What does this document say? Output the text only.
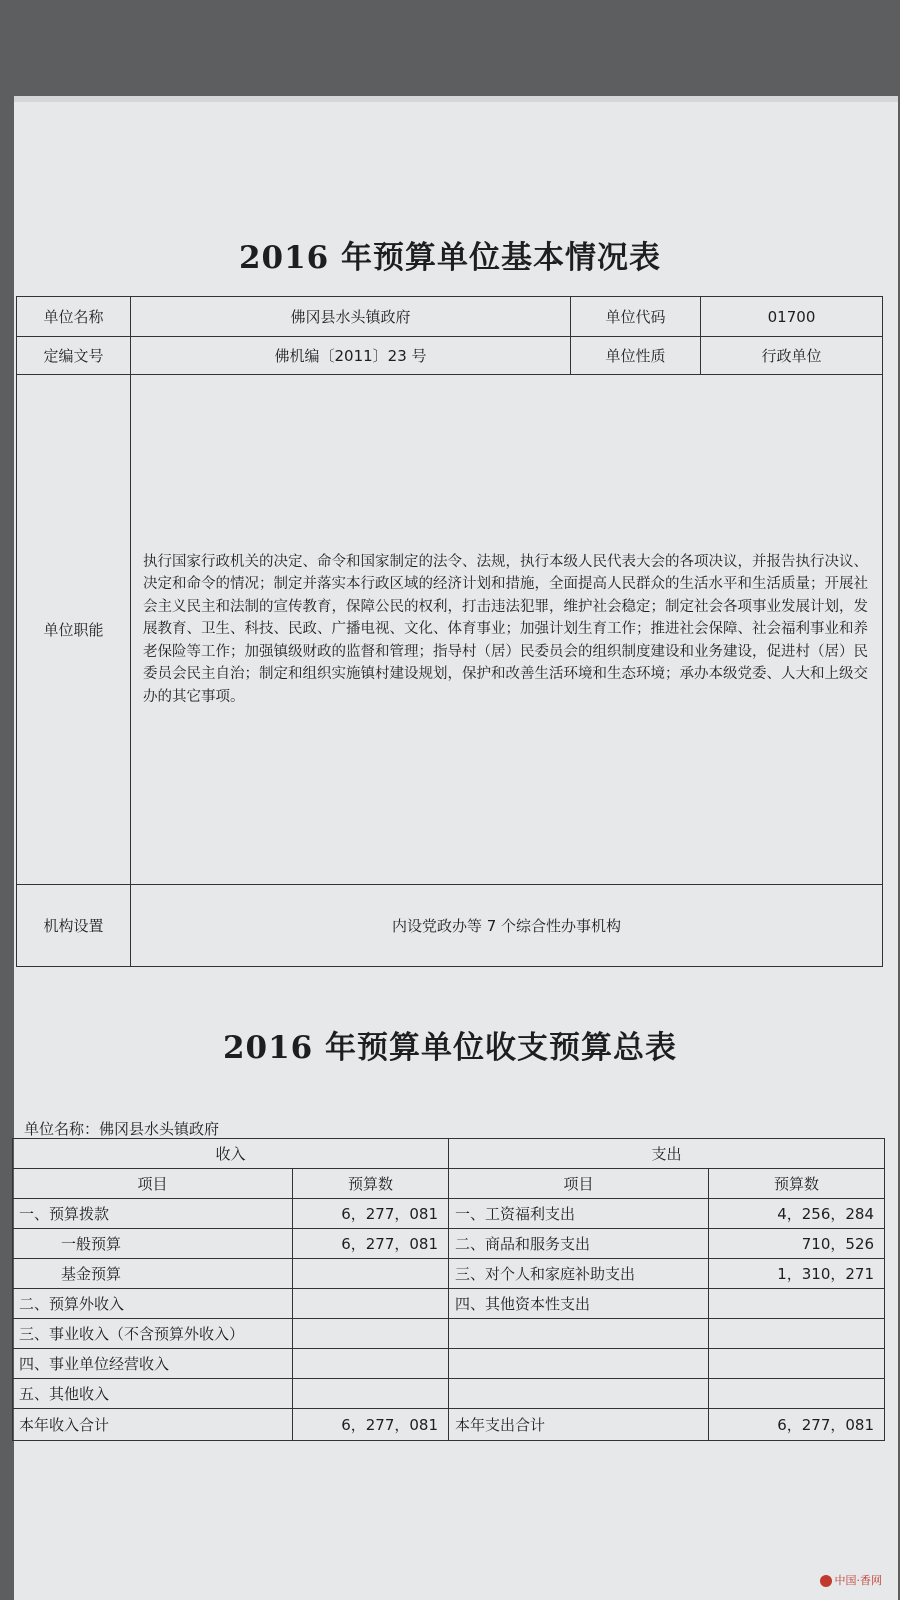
2016 年预算单位基本情况表
单位名称	佛冈县水头镇政府	单位代码	01700
定编文号	佛机编〔2011〕23 号	单位性质	行政单位
单位职能	执行国家行政机关的决定、命令和国家制定的法令、法规，执行本级人民代表大会的各项决议，并报告执行决议、决定和命令的情况；制定并落实本行政区域的经济计划和措施，全面提高人民群众的生活水平和生活质量；开展社会主义民主和法制的宣传教育，保障公民的权利，打击违法犯罪，维护社会稳定；制定社会各项事业发展计划，发展教育、卫生、科技、民政、广播电视、文化、体育事业；加强计划生育工作；推进社会保障、社会福利事业和养老保险等工作；加强镇级财政的监督和管理；指导村（居）民委员会的组织制度建设和业务建设，促进村（居）民委员会民主自治；制定和组织实施镇村建设规划，保护和改善生活环境和生态环境；承办本级党委、人大和上级交办的其它事项。		
机构设置	内设党政办等 7 个综合性办事机构		
2016 年预算单位收支预算总表
单位名称：佛冈县水头镇政府
收入		支出	
项目	预算数	项目	预算数
一、预算拨款	6，277，081	一、工资福利支出	4，256，284
一般预算	6，277，081	二、商品和服务支出	710，526
基金预算		三、对个人和家庭补助支出	1，310，271
二、预算外收入		四、其他资本性支出	
三、事业收入（不含预算外收入）			
四、事业单位经营收入			
五、其他收入			
本年收入合计	6，277，081	本年支出合计	6，277，081
中国·香网
